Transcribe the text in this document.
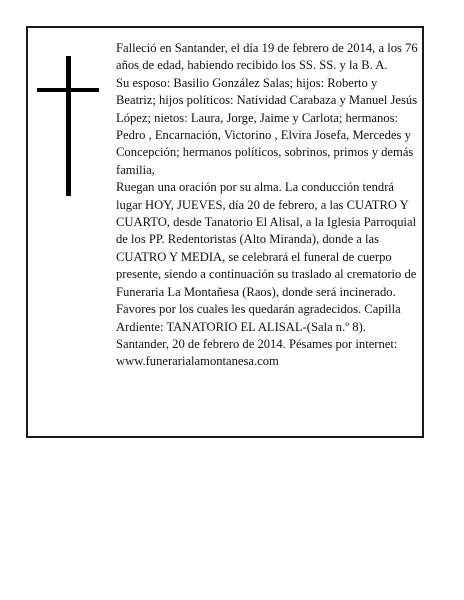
Falleció en Santander, el día 19 de febrero de 2014, a los 76 años de edad, habiendo recibido los SS. SS. y la B. A.

Su esposo: Basilio González Salas; hijos: Roberto y Beatriz; hijos políticos: Natividad Carabaza y Manuel Jesús López; nietos: Laura, Jorge, Jaime y Carlota; hermanos: Pedro , Encarnación, Victorino , Elvira Josefa, Mercedes y Concepción; hermanos políticos, sobrinos, primos y demás familia,

Ruegan una oración por su alma. La conducción tendrá lugar HOY, JUEVES, día 20 de febrero, a las CUATRO Y CUARTO, desde Tanatorio El Alisal, a la Iglesia Parroquial de los PP. Redentoristas (Alto Miranda), donde a las CUATRO Y MEDIA, se celebrará el funeral de cuerpo presente, siendo a continuación su traslado al crematorio de Funeraria La Montañesa (Raos), donde será incinerado. Favores por los cuales les quedarán agradecidos. Capilla Ardiente: TANATORIO EL ALISAL-(Sala n.º 8).

Santander, 20 de febrero de 2014. Pésames por internet: www.funerarialamontanesa.com
